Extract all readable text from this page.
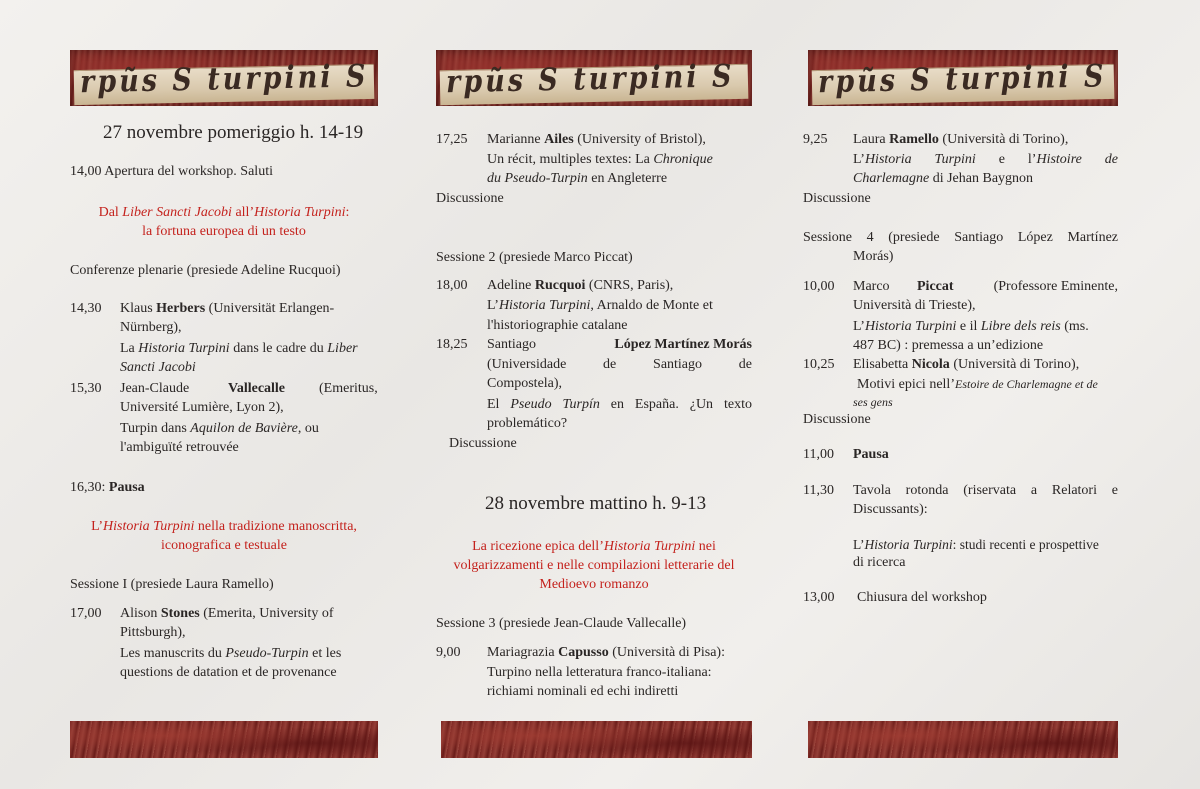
rpũs S turpini S
27 novembre pomeriggio h. 14-19
14,00 Apertura del workshop. Saluti
Dal Liber Sancti Jacobi all’Historia Turpini:
la fortuna europea di un testo
Conferenze plenarie (presiede Adeline Rucquoi)
14,30 Klaus Herbers (Universität Erlangen-
Nürnberg),
La Historia Turpini dans le cadre du Liber
Sancti Jacobi
15,30 Jean-Claude	Vallecalle (Emeritus,
Université Lumière, Lyon 2),
Turpin dans Aquilon de Bavière, ou
l'ambiguïté retrouvée
16,30: Pausa
L’Historia Turpini nella tradizione manoscritta,
iconografica e testuale
Sessione I (presiede Laura Ramello)
17,00 Alison Stones (Emerita, University of
Pittsburgh),
Les manuscrits du Pseudo-Turpin et les
questions de datation et de provenance
rpũs S turpini S
17,25 Marianne Ailes (University of Bristol),
Un récit, multiples textes: La Chronique
du Pseudo-Turpin en Angleterre
Discussione
Sessione 2 (presiede Marco Piccat)
18,00 Adeline Rucquoi (CNRS, Paris),
L’Historia Turpini, Arnaldo de Monte et
l'historiographie catalane
18,25 Santiago	López Martínez Morás
(Universidade de Santiago de
Compostela),
El Pseudo Turpín en España. ¿Un texto
problemático?
Discussione
28 novembre mattino h. 9-13
La ricezione epica dell’Historia Turpini nei
volgarizzamenti e nelle compilazioni letterarie del
Medioevo romanzo
Sessione 3 (presiede Jean-Claude Vallecalle)
9,00 Mariagrazia Capusso (Università di Pisa):
Turpino nella letteratura franco-italiana:
richiami nominali ed echi indiretti
rpũs S turpini S
9,25 Laura Ramello (Università di Torino),
L’Historia Turpini e l’Histoire de
Charlemagne di Jehan Baygnon
Discussione
Sessione 4 (presiede Santiago López Martínez
Morás)
10,00 Marco Piccat	(Professore Eminente,
Università di Trieste),
L’Historia Turpini e il Libre dels reis (ms.
487 BC) : premessa a un’edizione
10,25 Elisabetta Nicola (Università di Torino),
Motivi epici nell’Estoire de Charlemagne et de
ses gens
Discussione
11,00 Pausa
11,30 Tavola rotonda (riservata a Relatori e
Discussants):
L’Historia Turpini: studi recenti e prospettive
di ricerca
13,00 Chiusura del workshop
